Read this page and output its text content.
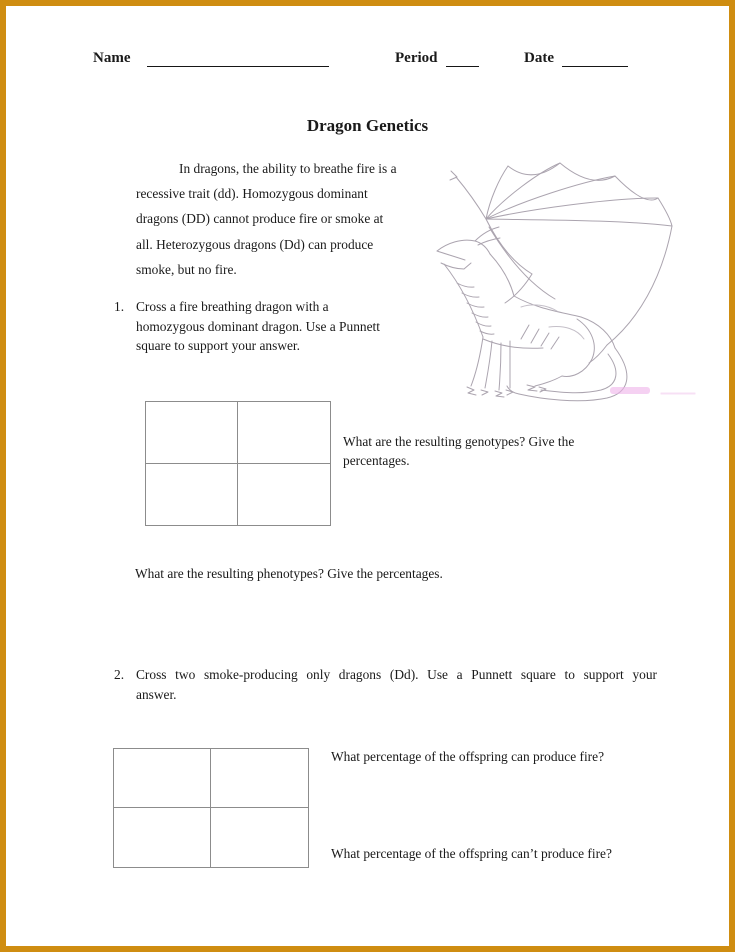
Name	Period	Date
Dragon Genetics
In dragons, the ability to breathe fire is a
recessive trait (dd). Homozygous dominant
dragons (DD) cannot produce fire or smoke at
all. Heterozygous dragons (Dd) can produce
smoke, but no fire.
1. Cross a fire breathing dragon with a
homozygous dominant dragon. Use a Punnett
square to support your answer.
What are the resulting genotypes? Give the
percentages.
What are the resulting phenotypes? Give the percentages.
2. Cross two smoke-producing only dragons (Dd). Use a Punnett square to support your
answer.
What percentage of the offspring can produce fire?
What percentage of the offspring can’t produce fire?
